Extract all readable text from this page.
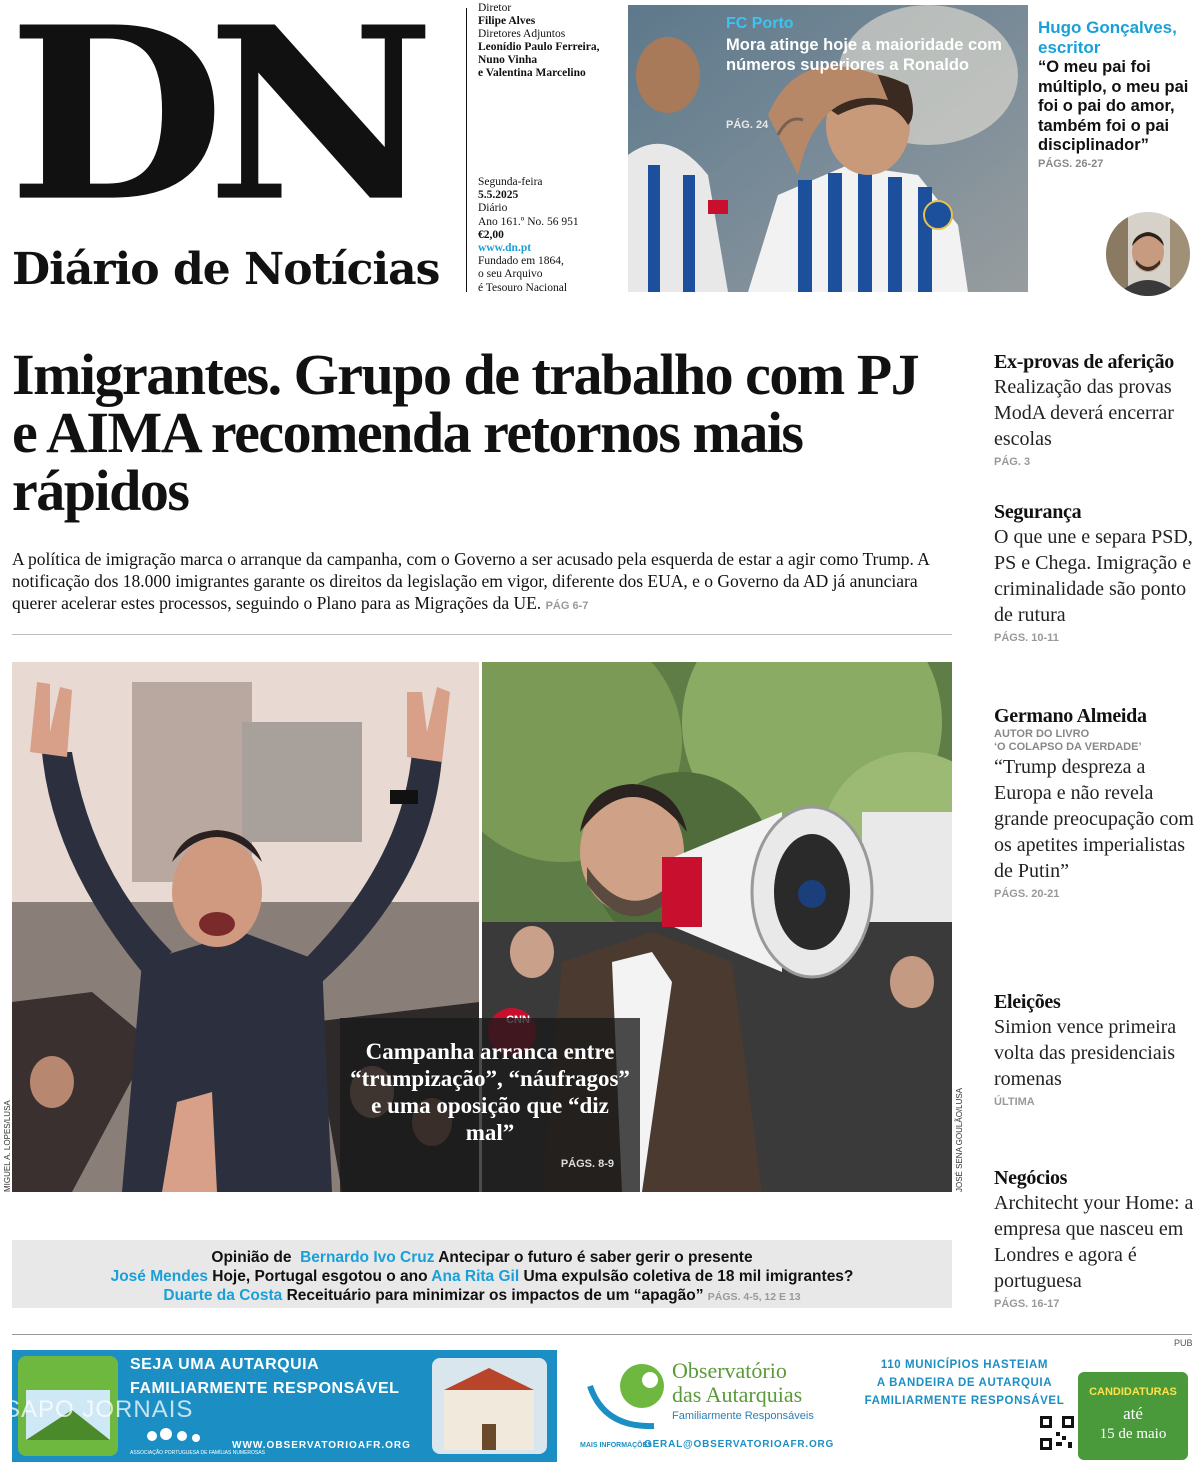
DN
Diário de Notícias
Diretor
Filipe Alves
Diretores Adjuntos
Leonídio Paulo Ferreira,
Nuno Vinha
e Valentina Marcelino
Segunda-feira
5.5.2025
Diário
Ano 161.º No. 56 951
€2,00
www.dn.pt
Fundado em 1864,
o seu Arquivo
é Tesouro Nacional
FC Porto
Mora atinge hoje a maioridade com números superiores a Ronaldo
PÁG. 24
Hugo Gonçalves, escritor
“O meu pai foi múltiplo, o meu pai foi o pai do amor, também foi o pai disciplinador”
PÁGS. 26-27
Imigrantes. Grupo de trabalho com PJ e AIMA recomenda retornos mais rápidos
A política de imigração marca o arranque da campanha, com o Governo a ser acusado pela esquerda de estar a agir como Trump. A notificação dos 18.000 imigrantes garante os direitos da legislação em vigor, diferente dos EUA, e o Governo da AD já anunciara querer acelerar estes processos, seguindo o Plano para as Migrações da UE. PÁG 6-7
Campanha arranca entre “trumpização”, “náufragos” e uma oposição que “diz mal”
PÁGS. 8-9
MIGUEL A. LOPES/LUSA	JOSÉ SENA GOULÃO/LUSA
Opinião de Bernardo Ivo Cruz Antecipar o futuro é saber gerir o presente
José Mendes Hoje, Portugal esgotou o ano Ana Rita Gil Uma expulsão coletiva de 18 mil imigrantes?
Duarte da Costa Receituário para minimizar os impactos de um “apagão” PÁGS. 4-5, 12 E 13
Ex-provas de aferição
Realização das provas ModA deverá encerrar escolas
PÁG. 3
Segurança
O que une e separa PSD, PS e Chega. Imigração e criminalidade são ponto de rutura
PÁGS. 10-11
Germano Almeida
AUTOR DO LIVRO
‘O COLAPSO DA VERDADE’
“Trump despreza a Europa e não revela grande preocupação com os apetites imperialistas de Putin”
PÁGS. 20-21
Eleições
Simion vence primeira volta das presidenciais romenas
ÚLTIMA
Negócios
Architecht your Home: a empresa que nasceu em Londres e agora é portuguesa
PÁGS. 16-17
PUB
SEJA UMA AUTARQUIA
FAMILIARMENTE RESPONSÁVEL
WWW.OBSERVATORIOAFR.ORG
ASSOCIAÇÃO PORTUGUESA DE FAMÍLIAS NUMEROSAS
Observatório
das Autarquias
Familiarmente Responsáveis
MAIS INFORMAÇÕES
GERAL@OBSERVATORIOAFR.ORG
110 MUNICÍPIOS HASTEIAM
A BANDEIRA DE AUTARQUIA
FAMILIARMENTE RESPONSÁVEL
CANDIDATURAS
até
15 de maio
SAPO JORNAIS
